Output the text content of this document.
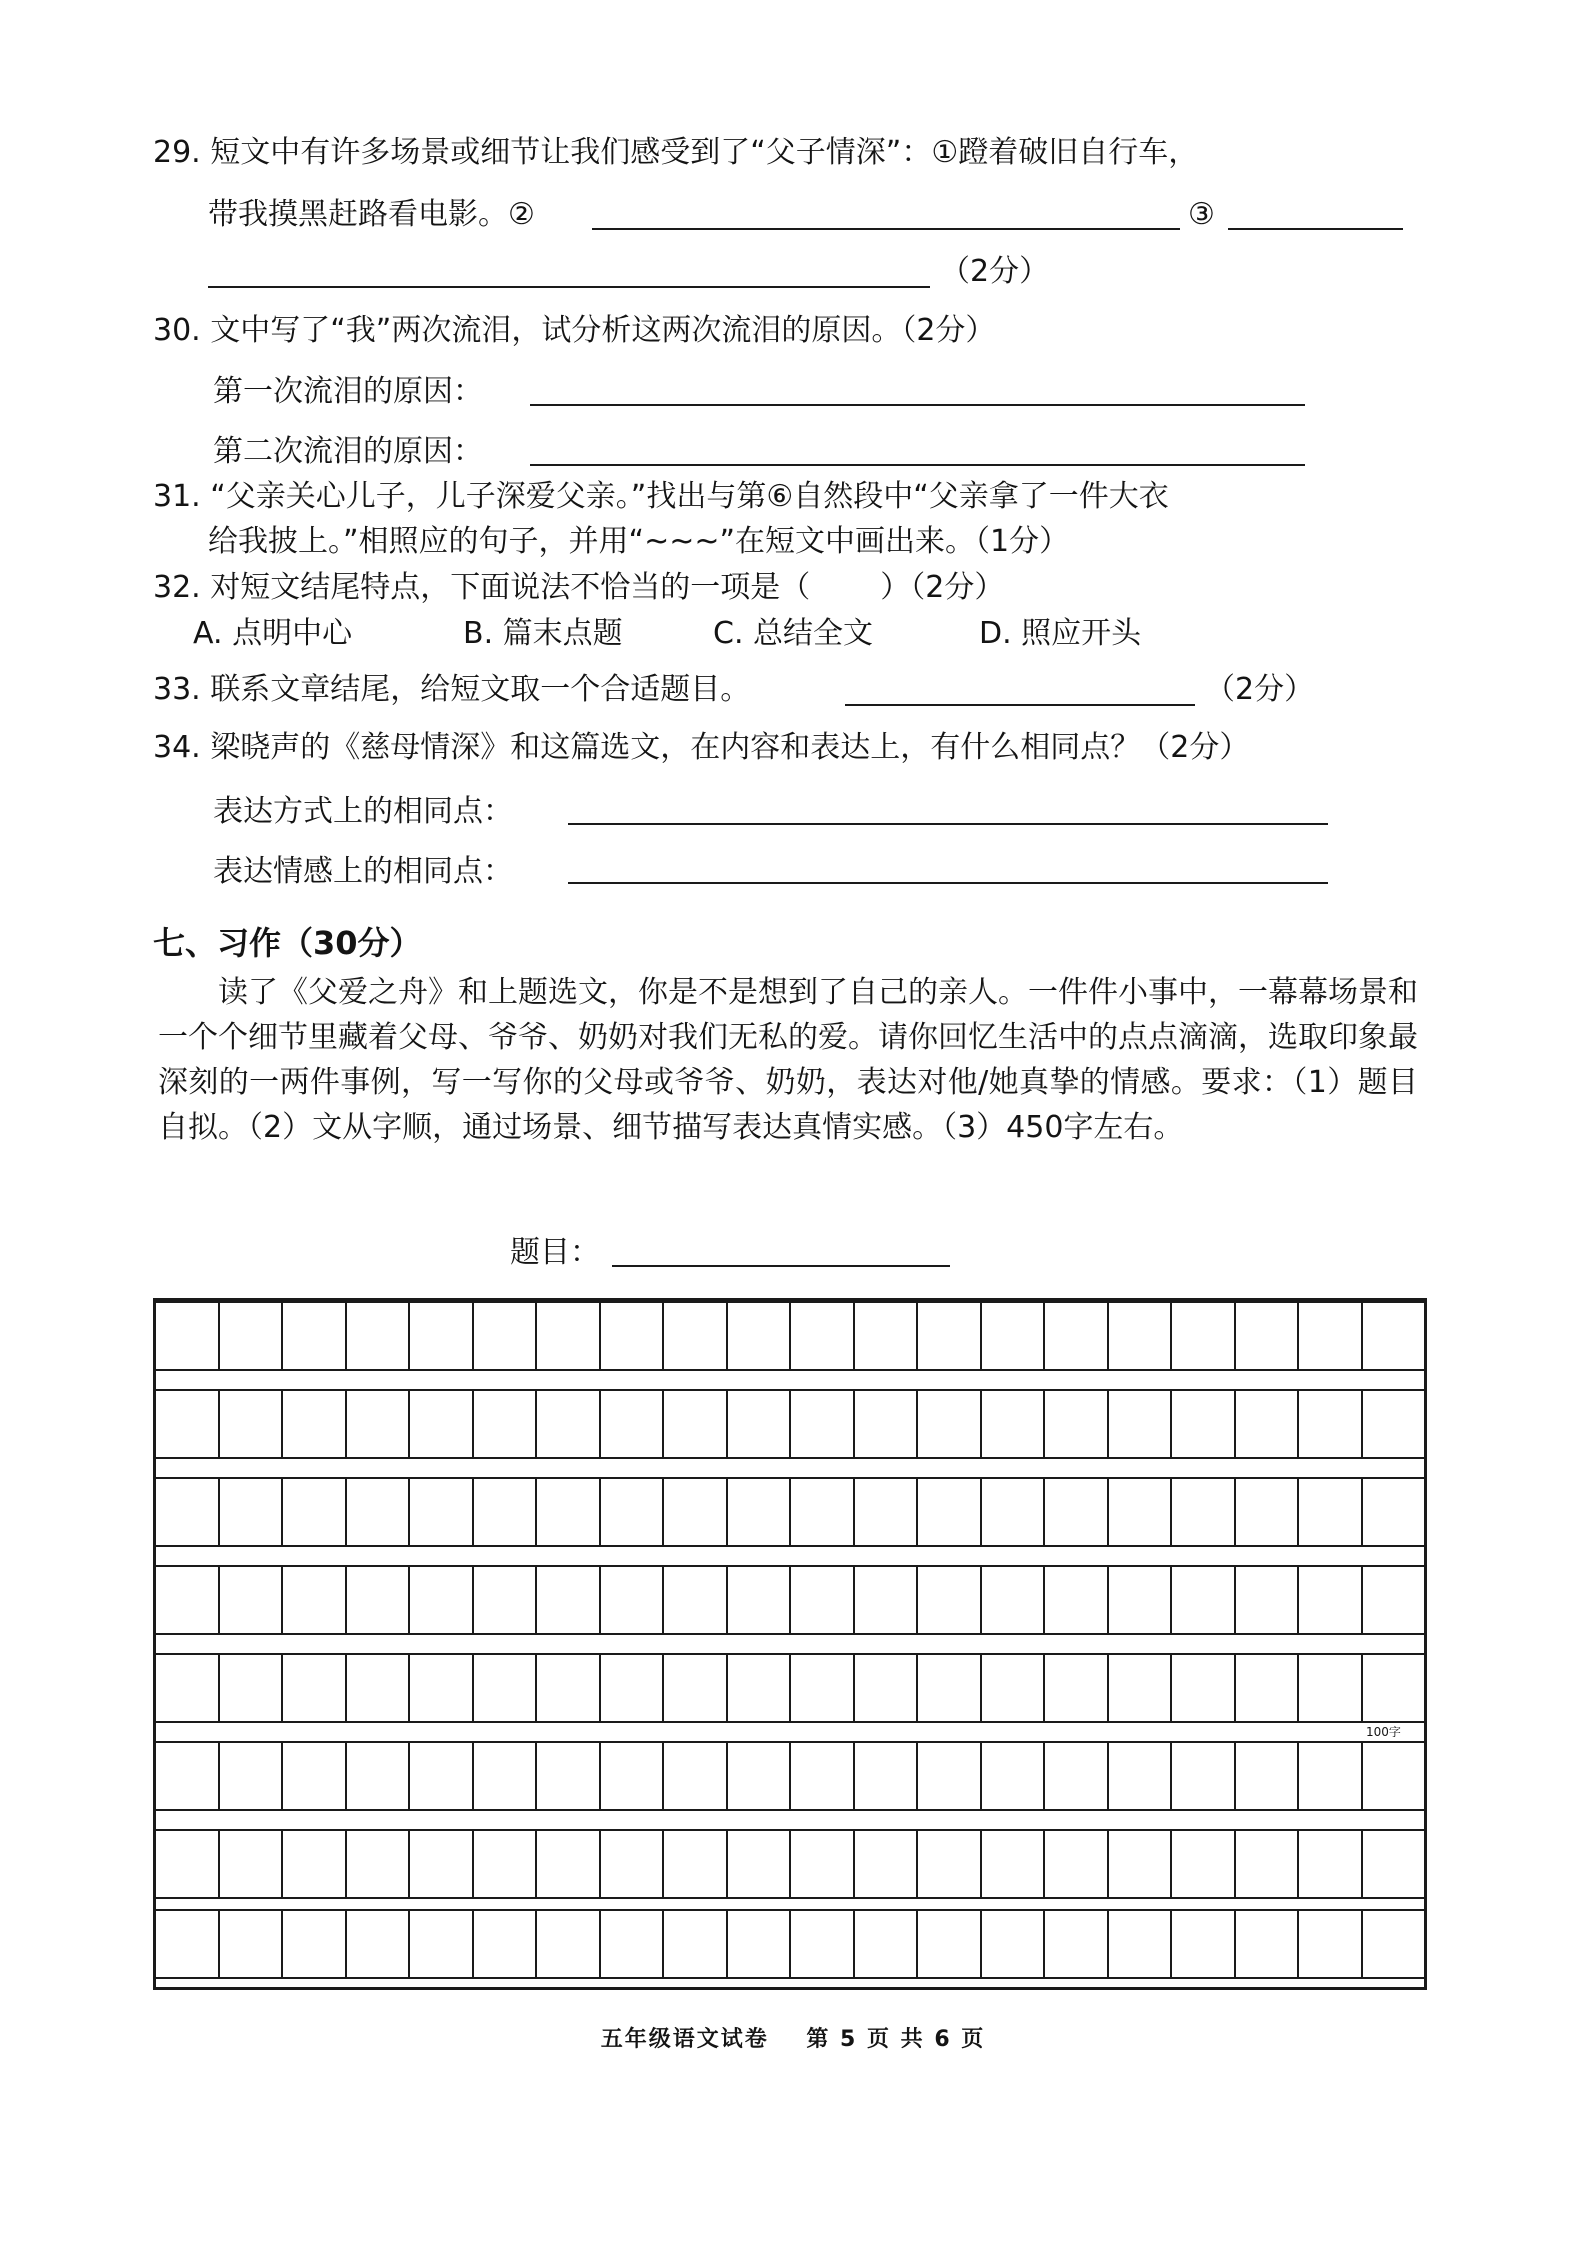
29. 短文中有许多场景或细节让我们感受到了“父子情深”：①蹬着破旧自行车，
带我摸黑赶路看电影。②	③
（2分）
30. 文中写了“我”两次流泪，试分析这两次流泪的原因。（2分）
第一次流泪的原因：
第二次流泪的原因：
31. “父亲关心儿子，儿子深爱父亲。”找出与第⑥自然段中“父亲拿了一件大衣
给我披上。”相照应的句子，并用“~~~”在短文中画出来。（1分）
32. 对短文结尾特点，下面说法不恰当的一项是（ ）（2分）
A. 点明中心	B. 篇末点题	C. 总结全文	D. 照应开头
33. 联系文章结尾，给短文取一个合适题目。	（2分）
34. 梁晓声的《慈母情深》和这篇选文，在内容和表达上，有什么相同点？（2分）
表达方式上的相同点：
表达情感上的相同点：
七、习作（30分）
读了《父爱之舟》和上题选文，你是不是想到了自己的亲人。一件件小事中，一幕幕场景和一个个细节里藏着父母、爷爷、奶奶对我们无私的爱。请你回忆生活中的点点滴滴，选取印象最深刻的一两件事例，写一写你的父母或爷爷、奶奶，表达对他/她真挚的情感。要求：（1）题目自拟。（2）文从字顺，通过场景、细节描写表达真情实感。（3）450字左右。
题目：
100字
五年级语文试卷 第 5 页 共 6 页
